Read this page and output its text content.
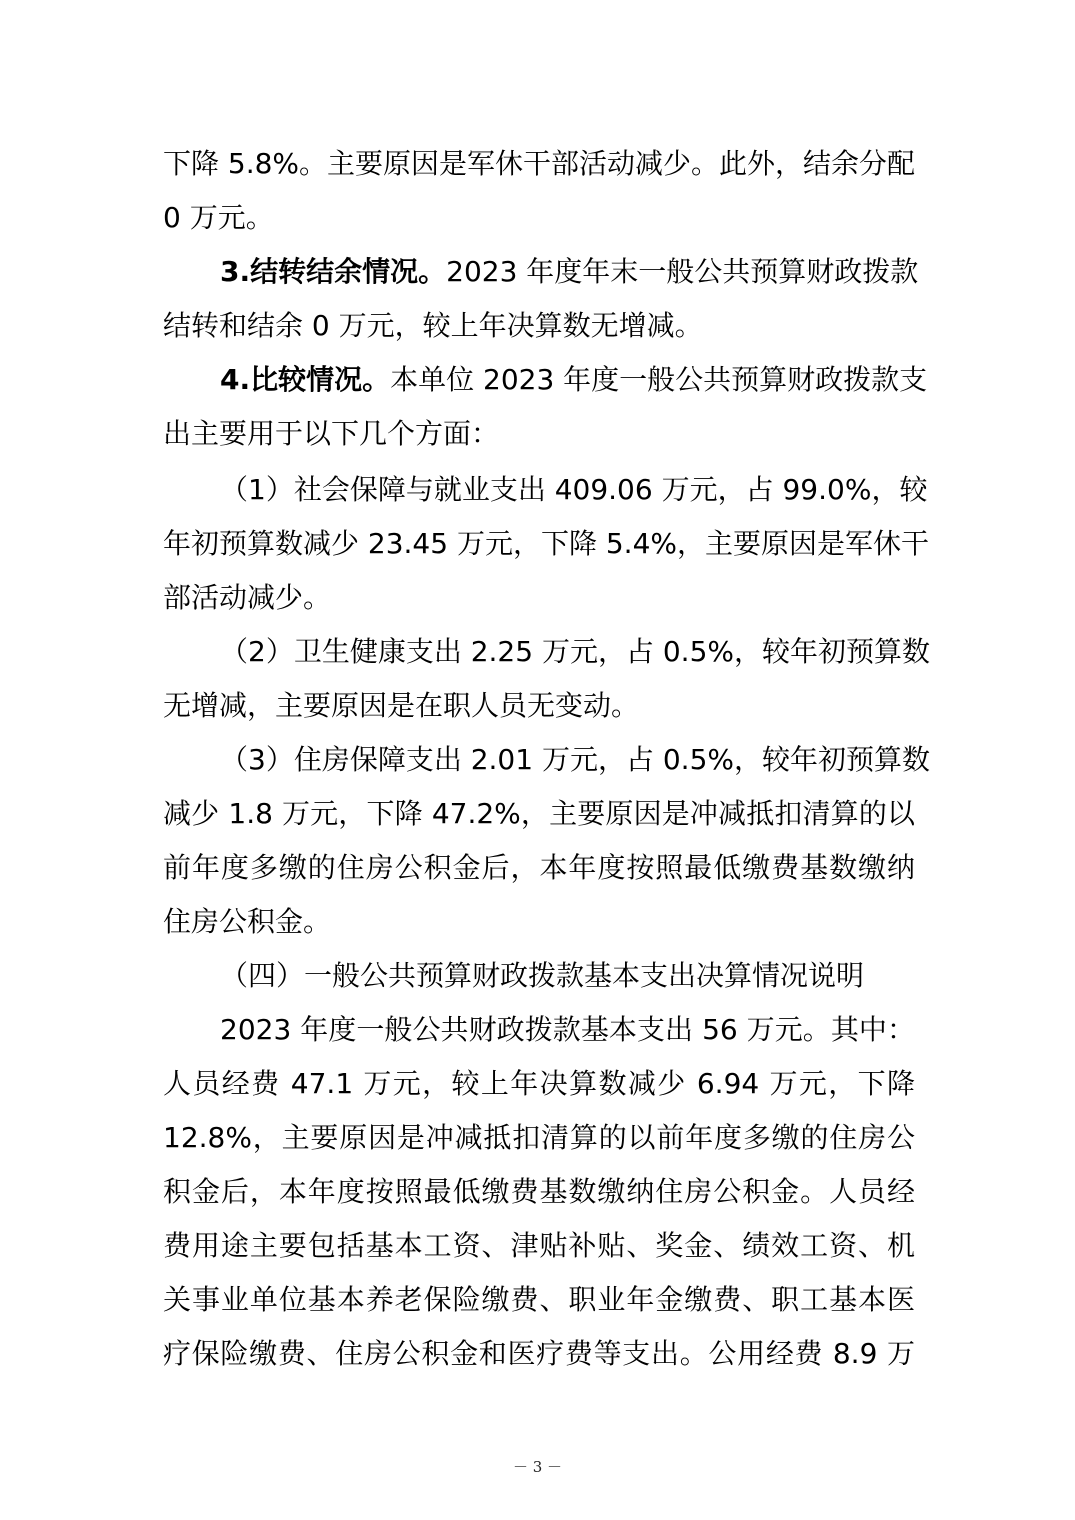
下降 5.8%。主要原因是军休干部活动减少。此外，结余分配
0 万元。
3.结转结余情况。2023 年度年末一般公共预算财政拨款
结转和结余 0 万元，较上年决算数无增减。
4.比较情况。本单位 2023 年度一般公共预算财政拨款支
出主要用于以下几个方面：
（1）社会保障与就业支出 409.06 万元，占 99.0%，较
年初预算数减少 23.45 万元，下降 5.4%，主要原因是军休干
部活动减少。
（2）卫生健康支出 2.25 万元，占 0.5%，较年初预算数
无增减，主要原因是在职人员无变动。
（3）住房保障支出 2.01 万元，占 0.5%，较年初预算数
减少 1.8 万元，下降 47.2%，主要原因是冲减抵扣清算的以
前年度多缴的住房公积金后，本年度按照最低缴费基数缴纳
住房公积金。
（四）一般公共预算财政拨款基本支出决算情况说明
2023 年度一般公共财政拨款基本支出 56 万元。其中：
人员经费 47.1 万元，较上年决算数减少 6.94 万元，下降
12.8%，主要原因是冲减抵扣清算的以前年度多缴的住房公
积金后，本年度按照最低缴费基数缴纳住房公积金。人员经
费用途主要包括基本工资、津贴补贴、奖金、绩效工资、机
关事业单位基本养老保险缴费、职业年金缴费、职工基本医
疗保险缴费、住房公积金和医疗费等支出。公用经费 8.9 万
－ 3 －
